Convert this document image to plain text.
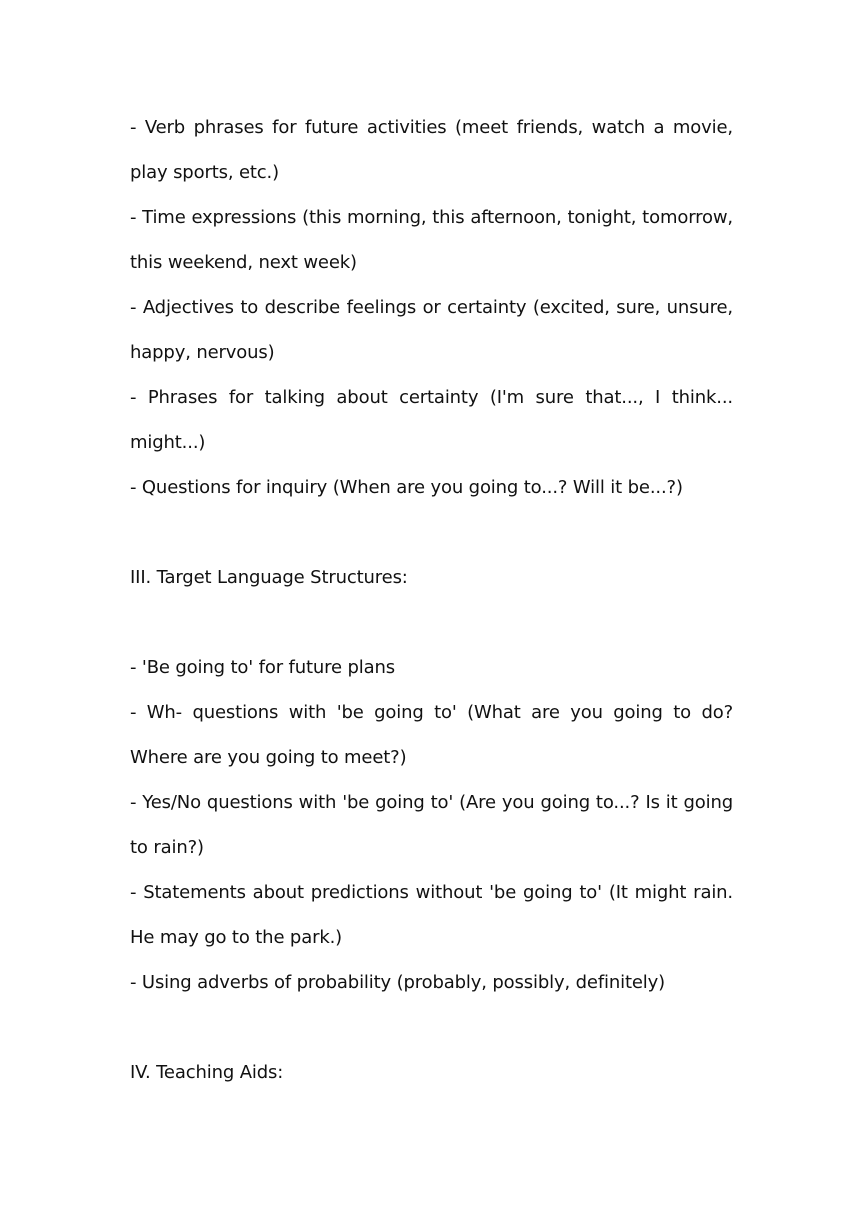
- Verb phrases for future activities (meet friends, watch a movie, play sports, etc.)

- Time expressions (this morning, this afternoon, tonight, tomorrow, this weekend, next week)

- Adjectives to describe feelings or certainty (excited, sure, unsure, happy, nervous)

- Phrases for talking about certainty (I'm sure that..., I think... might...)

- Questions for inquiry (When are you going to...? Will it be...?)

III. Target Language Structures:

- 'Be going to' for future plans

- Wh- questions with 'be going to' (What are you going to do? Where are you going to meet?)

- Yes/No questions with 'be going to' (Are you going to...? Is it going to rain?)

- Statements about predictions without 'be going to' (It might rain. He may go to the park.)

- Using adverbs of probability (probably, possibly, definitely)

IV. Teaching Aids:
